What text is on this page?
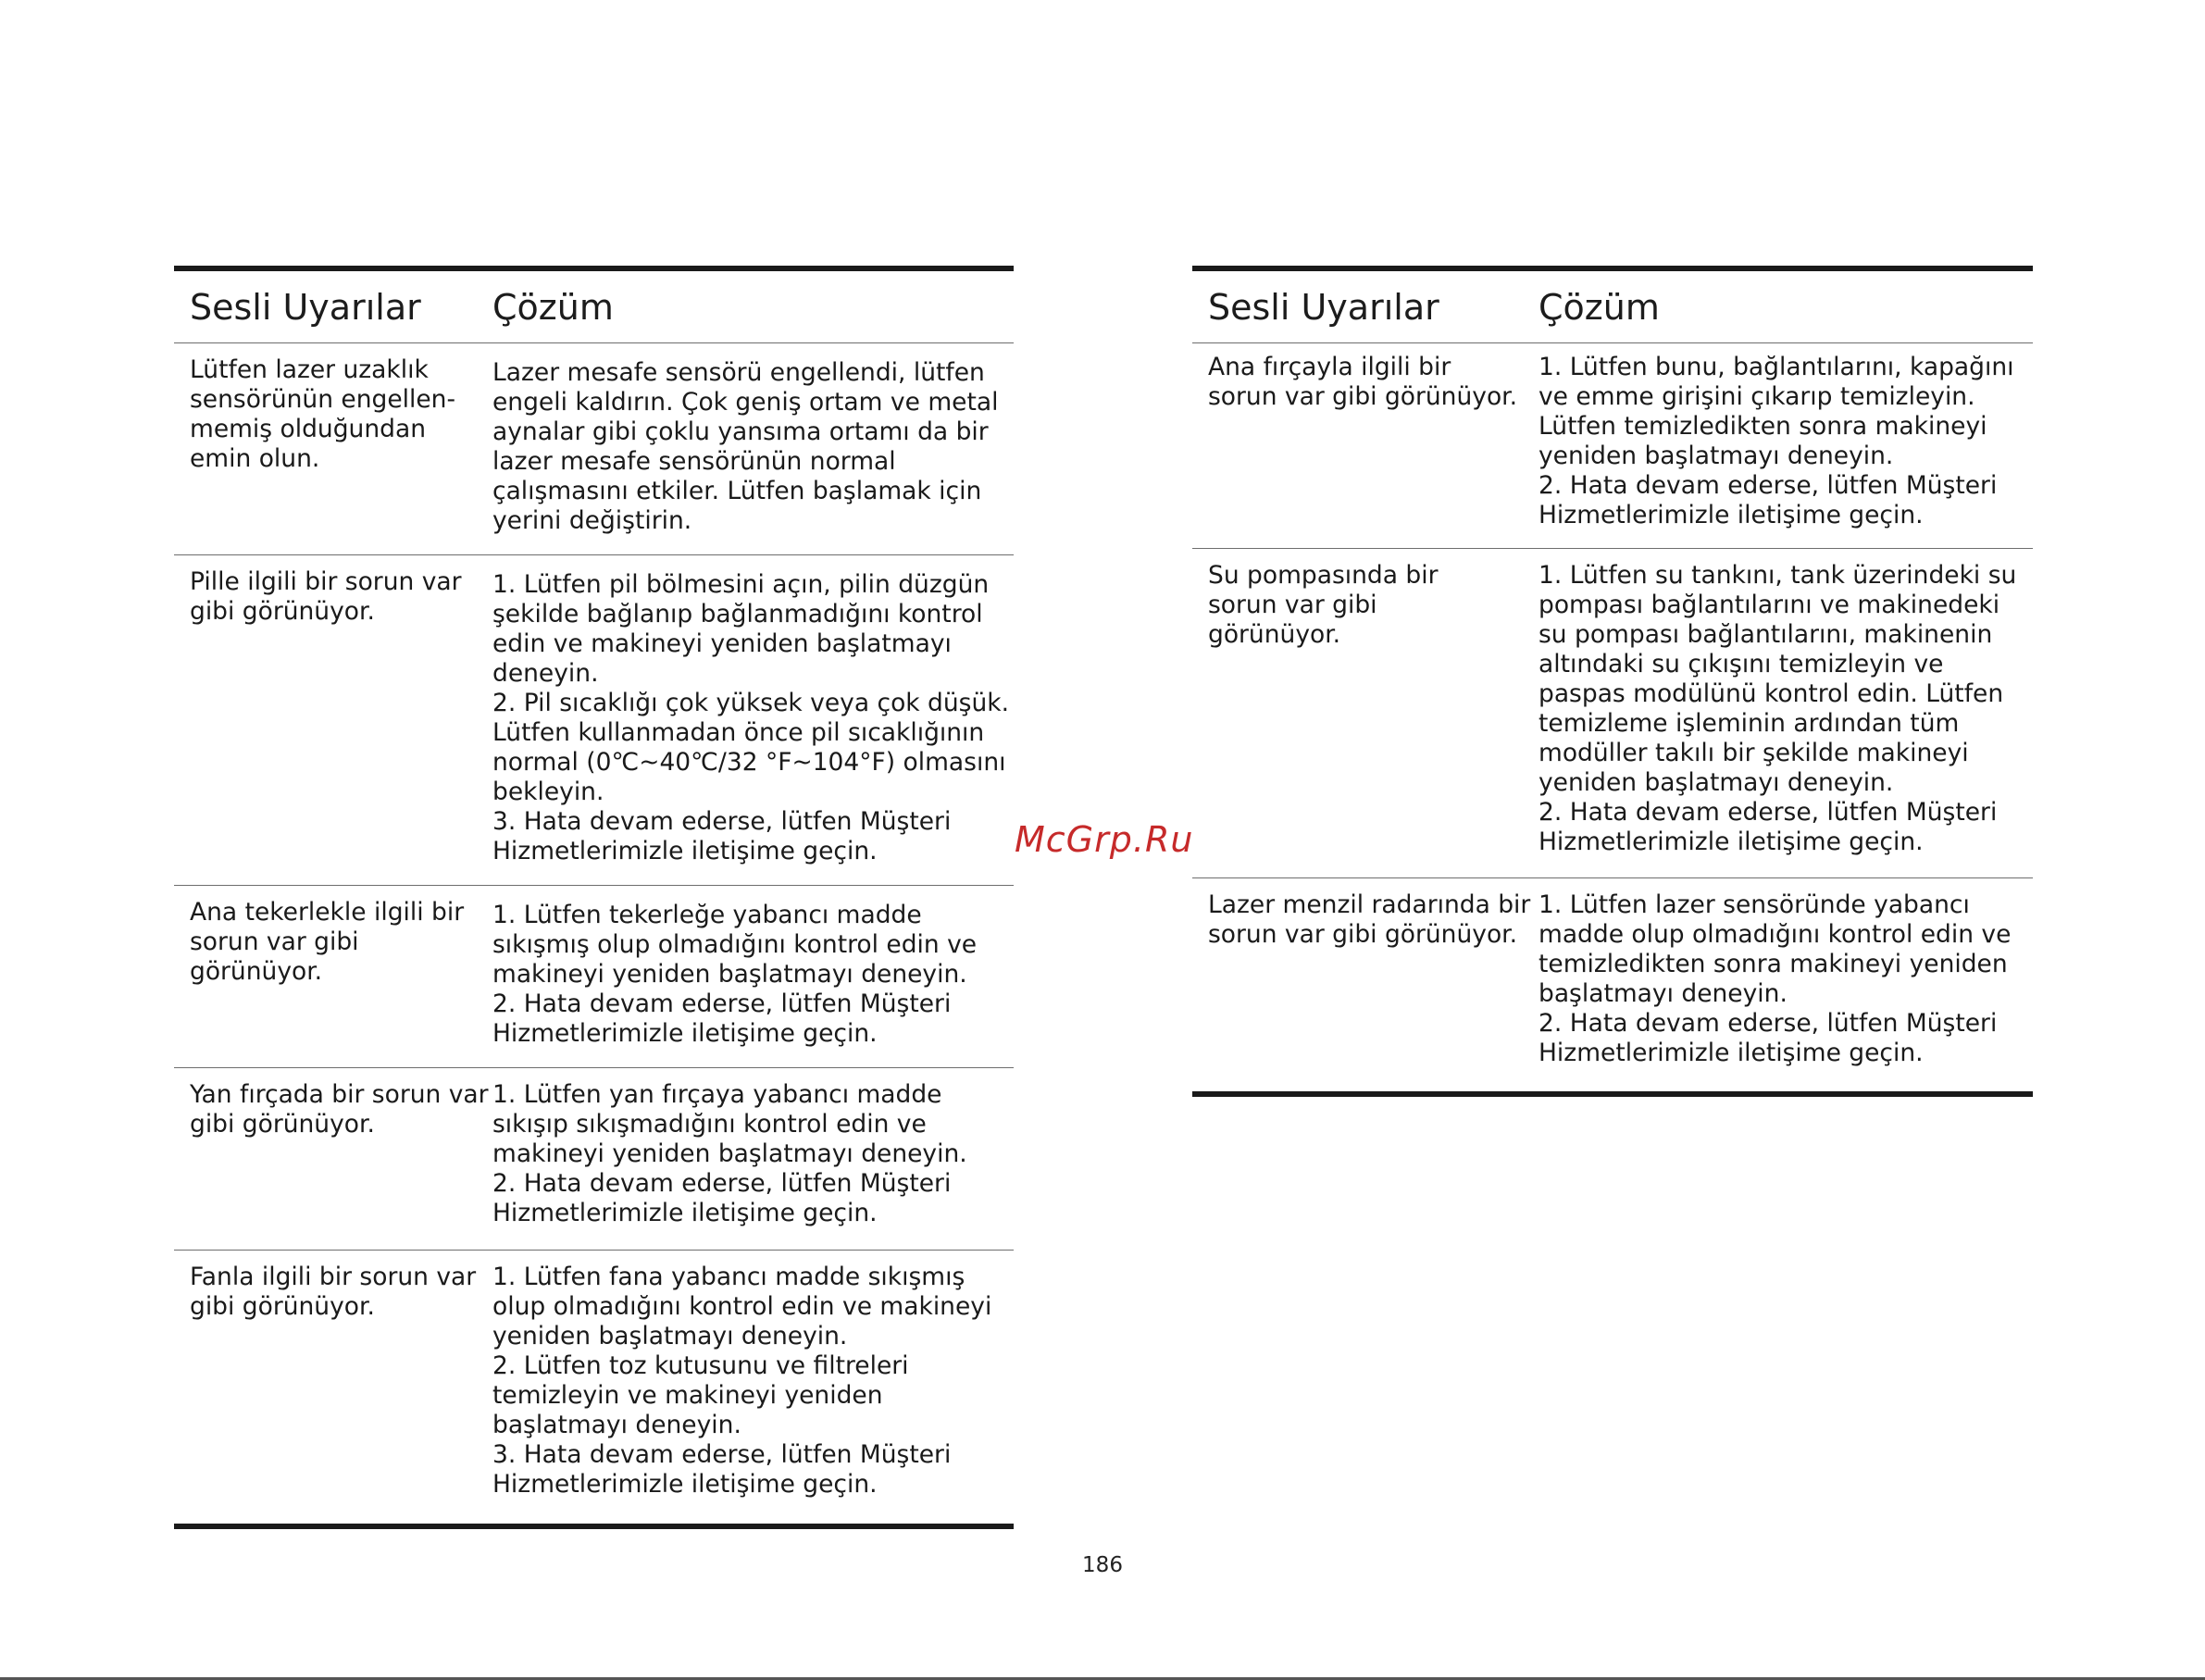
Sesli Uyarılar	Çözüm
Lütfen lazer uzaklık
sensörünün engellen-
memiş olduğundan
emin olun.
Lazer mesafe sensörü engellendi, lütfen
engeli kaldırın. Çok geniş ortam ve metal
aynalar gibi çoklu yansıma ortamı da bir
lazer mesafe sensörünün normal
çalışmasını etkiler. Lütfen başlamak için
yerini değiştirin.
Pille ilgili bir sorun var
gibi görünüyor.
1. Lütfen pil bölmesini açın, pilin düzgün
şekilde bağlanıp bağlanmadığını kontrol
edin ve makineyi yeniden başlatmayı
deneyin.
2. Pil sıcaklığı çok yüksek veya çok düşük.
Lütfen kullanmadan önce pil sıcaklığının
normal (0℃~40℃/32 °F~104°F) olmasını
bekleyin.
3. Hata devam ederse, lütfen Müşteri
Hizmetlerimizle iletişime geçin.
Ana tekerlekle ilgili bir
sorun var gibi
görünüyor.
1. Lütfen tekerleğe yabancı madde
sıkışmış olup olmadığını kontrol edin ve
makineyi yeniden başlatmayı deneyin.
2. Hata devam ederse, lütfen Müşteri
Hizmetlerimizle iletişime geçin.
Yan fırçada bir sorun var
gibi görünüyor.
1. Lütfen yan fırçaya yabancı madde
sıkışıp sıkışmadığını kontrol edin ve
makineyi yeniden başlatmayı deneyin.
2. Hata devam ederse, lütfen Müşteri
Hizmetlerimizle iletişime geçin.
Fanla ilgili bir sorun var
gibi görünüyor.
1. Lütfen fana yabancı madde sıkışmış
olup olmadığını kontrol edin ve makineyi
yeniden başlatmayı deneyin.
2. Lütfen toz kutusunu ve filtreleri
temizleyin ve makineyi yeniden
başlatmayı deneyin.
3. Hata devam ederse, lütfen Müşteri
Hizmetlerimizle iletişime geçin.
Sesli Uyarılar	Çözüm
Ana fırçayla ilgili bir
sorun var gibi görünüyor.
1. Lütfen bunu, bağlantılarını, kapağını
ve emme girişini çıkarıp temizleyin.
Lütfen temizledikten sonra makineyi
yeniden başlatmayı deneyin.
2. Hata devam ederse, lütfen Müşteri
Hizmetlerimizle iletişime geçin.
Su pompasında bir
sorun var gibi
görünüyor.
1. Lütfen su tankını, tank üzerindeki su
pompası bağlantılarını ve makinedeki
su pompası bağlantılarını, makinenin
altındaki su çıkışını temizleyin ve
paspas modülünü kontrol edin. Lütfen
temizleme işleminin ardından tüm
modüller takılı bir şekilde makineyi
yeniden başlatmayı deneyin.
2. Hata devam ederse, lütfen Müşteri
Hizmetlerimizle iletişime geçin.
Lazer menzil radarında bir
sorun var gibi görünüyor.
1. Lütfen lazer sensöründe yabancı
madde olup olmadığını kontrol edin ve
temizledikten sonra makineyi yeniden
başlatmayı deneyin.
2. Hata devam ederse, lütfen Müşteri
Hizmetlerimizle iletişime geçin.
McGrp.Ru
186
